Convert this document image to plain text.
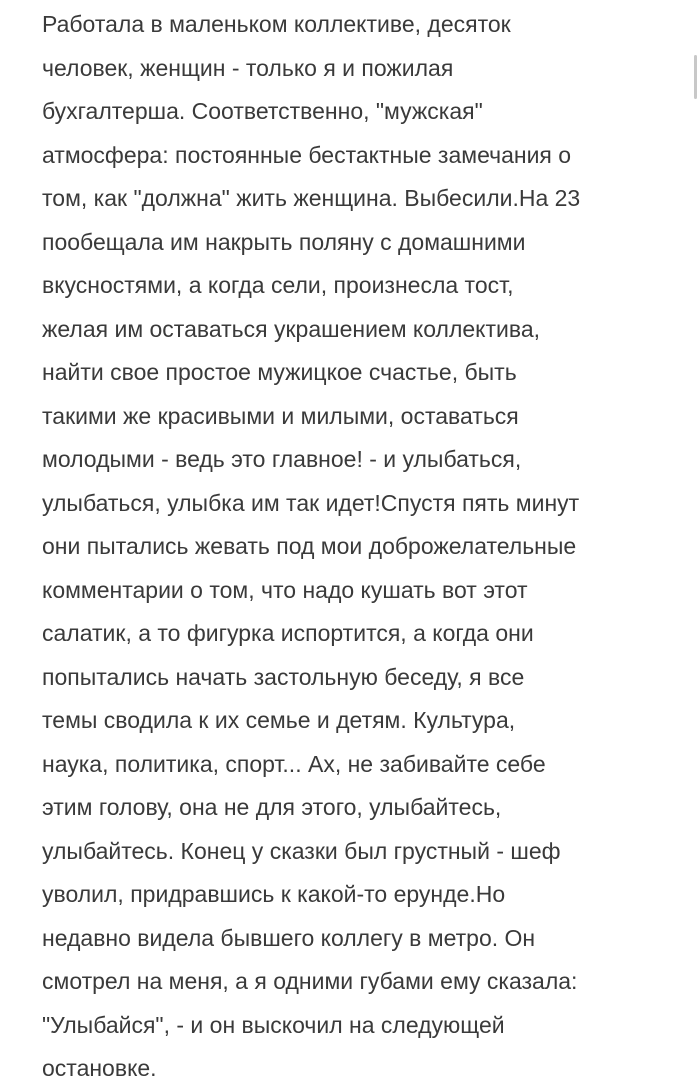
Работала в маленьком коллективе, десяток
человек, женщин - только я и пожилая
бухгалтерша. Соответственно, "мужская"
атмосфера: постоянные бестактные замечания о
том, как "должна" жить женщина. Выбесили.На 23
пообещала им накрыть поляну с домашними
вкусностями, а когда сели, произнесла тост,
желая им оставаться украшением коллектива,
найти свое простое мужицкое счастье, быть
такими же красивыми и милыми, оставаться
молодыми - ведь это главное! - и улыбаться,
улыбаться, улыбка им так идет!Спустя пять минут
они пытались жевать под мои доброжелательные
комментарии о том, что надо кушать вот этот
салатик, а то фигурка испортится, а когда они
попытались начать застольную беседу, я все
темы сводила к их семье и детям. Культура,
наука, политика, спорт... Ах, не забивайте себе
этим голову, она не для этого, улыбайтесь,
улыбайтесь. Конец у сказки был грустный - шеф
уволил, придравшись к какой-то ерунде.Но
недавно видела бывшего коллегу в метро. Он
смотрел на меня, а я одними губами ему сказала:
"Улыбайся", - и он выскочил на следующей
остановке.
